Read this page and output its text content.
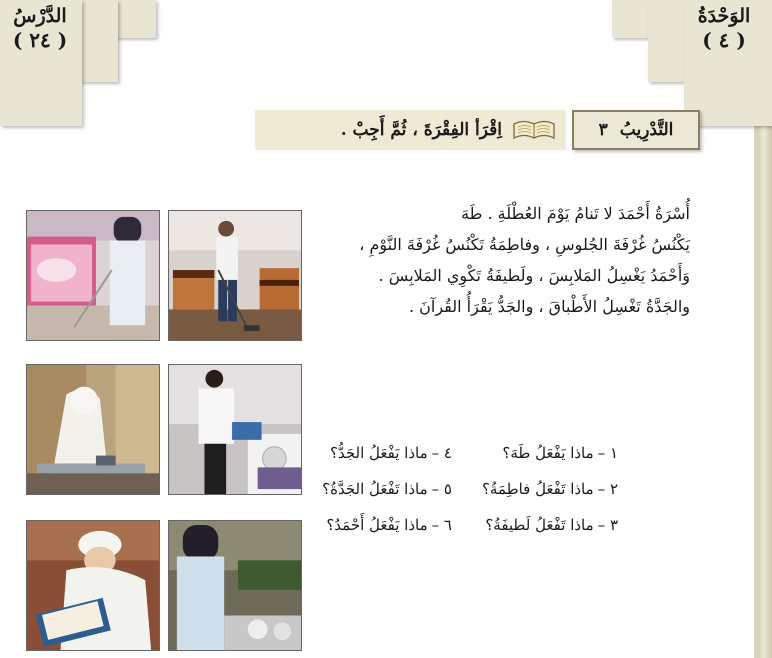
الدَّرْسُ
( ٢٤ )
الوَحْدَةُ
( ٤ )
التَّدْرِيبُ
٣
اِقْرَأ الفِقْرَةَ ، ثُمَّ أَجِبْ .

أُسْرَةُ أَحْمَدَ لا تَنامُ يَوْمَ العُطْلَةِ . طَهَ

يَكْنُسُ غُرْفَةَ الجُلوسِ ، وفاطِمَةُ تَكْنُسُ غُرْفَةَ النَّوْمِ ،

وَأَحْمَدُ يَغْسِلُ المَلابِسَ ، ولَطيفَةُ تَكْوِي المَلابِسَ .

والجَدَّةُ تَغْسِلُ الأَطْباقَ ، والجَدُّ يَقْرَأُ القُرآنَ .

١ –ماذا يَفْعَلُ طَهَ؟
٢ –ماذا تَفْعَلُ فاطِمَةُ؟
٣ –ماذا تَفْعَلُ لَطيفَةُ؟
٤ –ماذا يَفْعَلُ الجَدُّ؟
٥ –ماذا تَفْعَلُ الجَدَّةُ؟
٦ –ماذا يَفْعَلُ أَحْمَدُ؟
